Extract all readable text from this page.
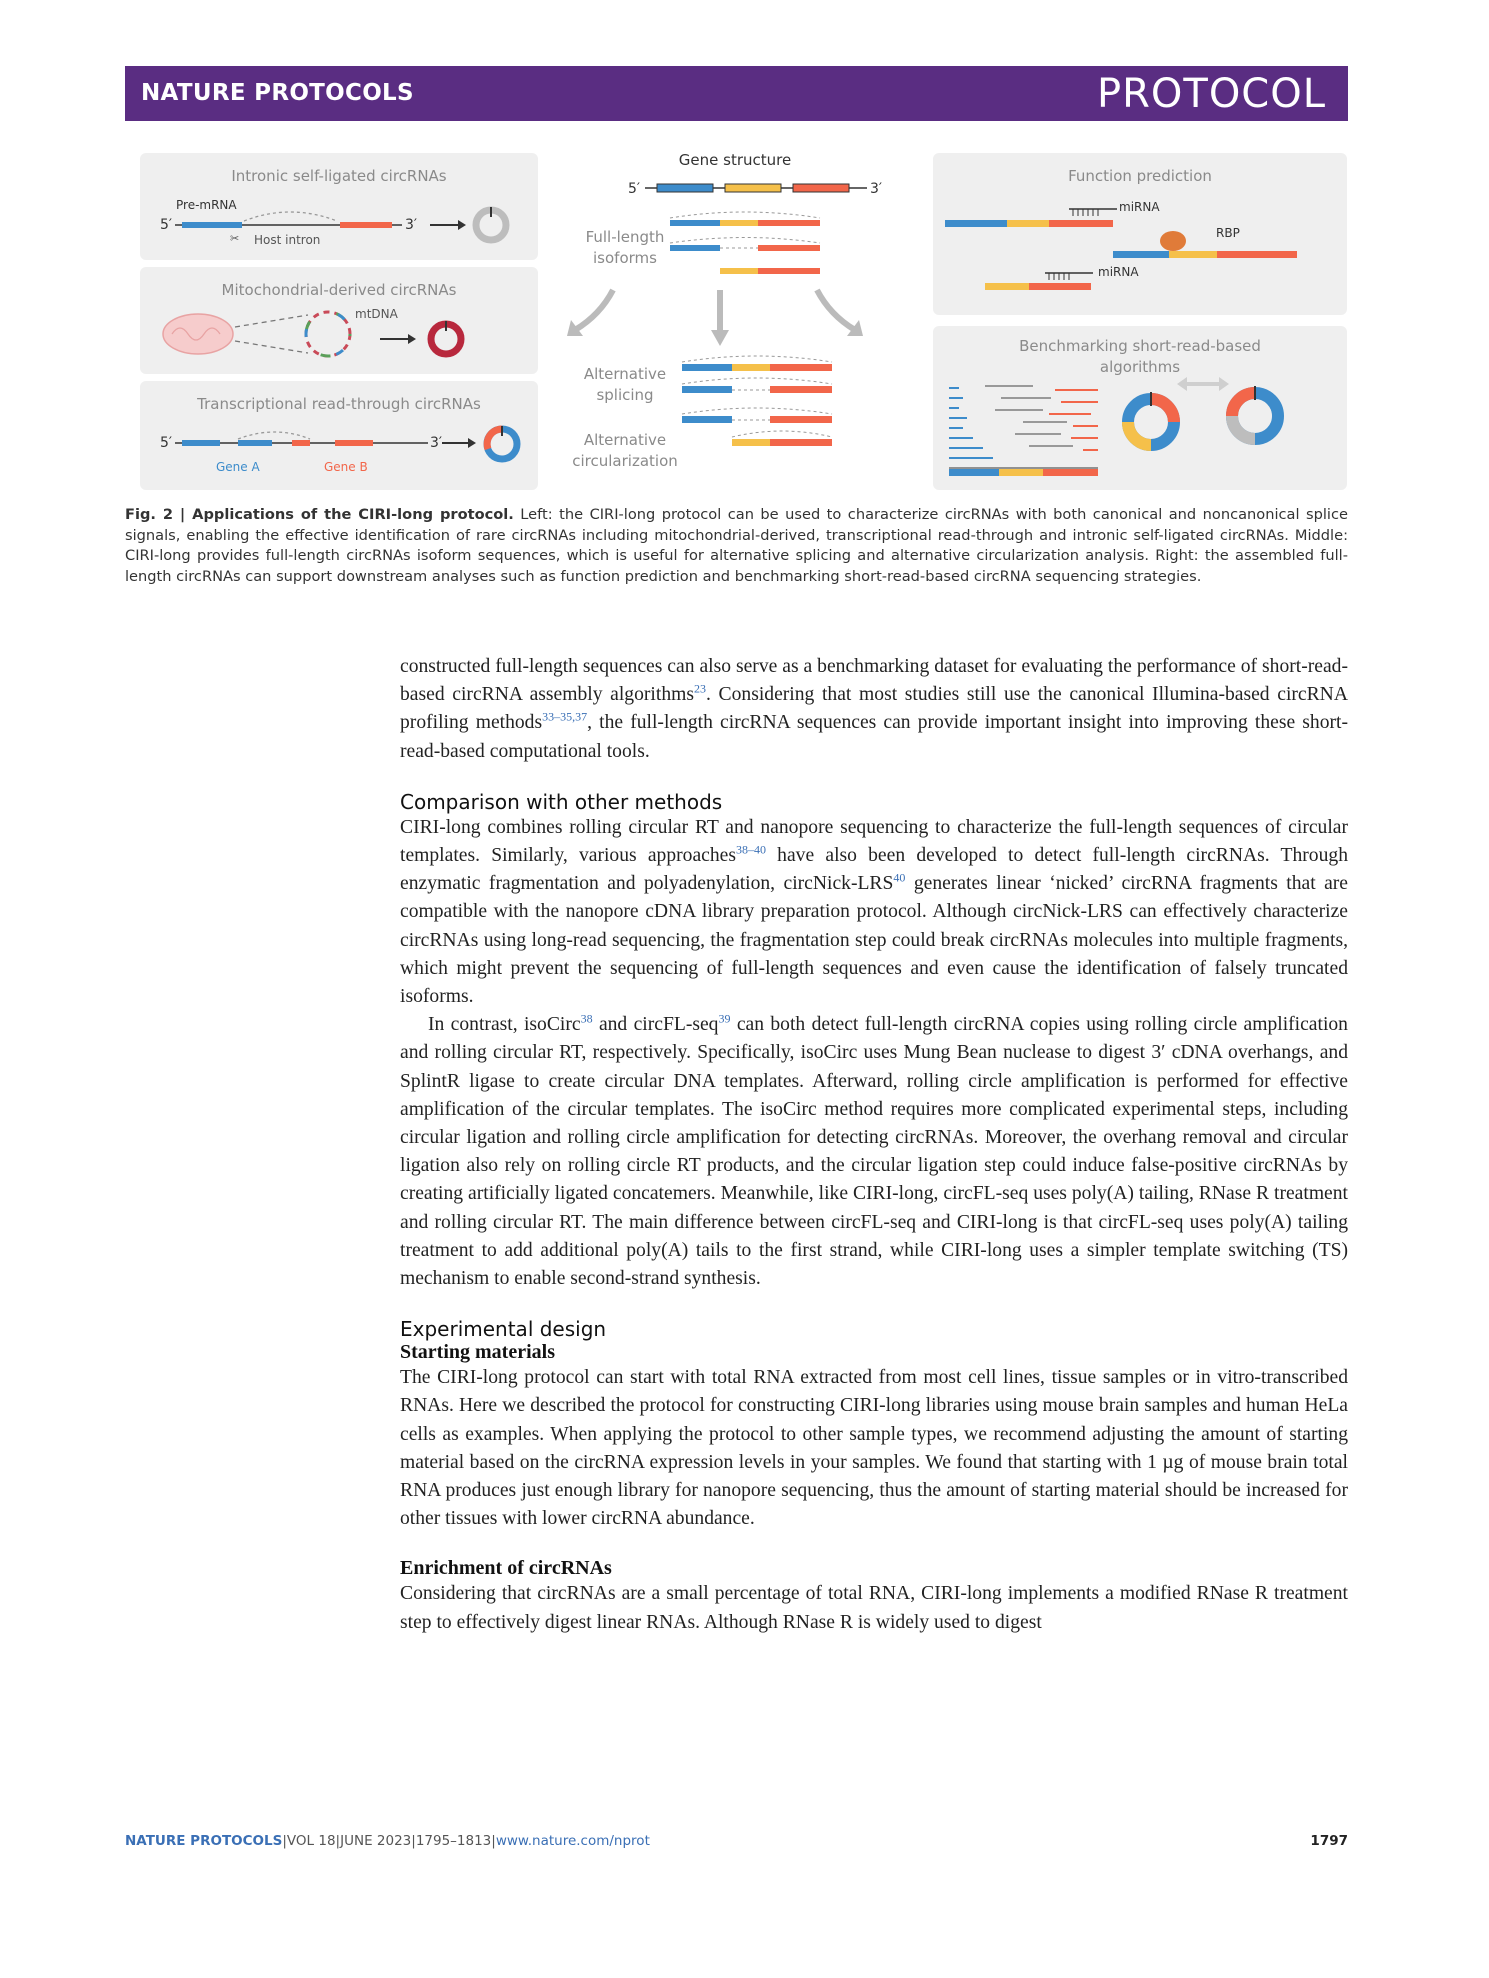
NATURE PROTOCOLS	PROTOCOL
Intronic self-ligated circRNAs
Pre-mRNA
5′	3′
Host intron
✂
Mitochondrial-derived circRNAs
mtDNA
Transcriptional read-through circRNAs
5′	3′
Gene A	Gene B
Gene structure
5′	3′
Full-length
isoforms
Alternative
splicing
Alternative
circularization
Function prediction
miRNA
RBP
miRNA
Benchmarking short-read-based
algorithms
Fig. 2 | Applications of the CIRI-long protocol. Left: the CIRI-long protocol can be used to characterize circRNAs with both canonical and noncanonical splice signals, enabling the effective identification of rare circRNAs including mitochondrial-derived, transcriptional read-through and intronic self-ligated circRNAs. Middle: CIRI-long provides full-length circRNAs isoform sequences, which is useful for alternative splicing and alternative circularization analysis. Right: the assembled full-length circRNAs can support downstream analyses such as function prediction and benchmarking short-read-based circRNA sequencing strategies.

constructed full-length sequences can also serve as a benchmarking dataset for evaluating the performance of short-read-based circRNA assembly algorithms$^{23}$. Considering that most studies still use the canonical Illumina-based circRNA profiling methods$^{33-35,37}$, the full-length circRNA sequences can provide important insight into improving these short-read-based computational tools.

Comparison with other methods

CIRI-long combines rolling circular RT and nanopore sequencing to characterize the full-length sequences of circular templates. Similarly, various approaches$^{38-40}$ have also been developed to detect full-length circRNAs. Through enzymatic fragmentation and polyadenylation, circNick-LRS$^{40}$ generates linear ‘nicked’ circRNA fragments that are compatible with the nanopore cDNA library preparation protocol. Although circNick-LRS can effectively characterize circRNAs using long-read sequencing, the fragmentation step could break circRNAs molecules into multiple fragments, which might prevent the sequencing of full-length sequences and even cause the identification of falsely truncated isoforms.

In contrast, isoCirc$^{38}$ and circFL-seq$^{39}$ can both detect full-length circRNA copies using rolling circle amplification and rolling circular RT, respectively. Specifically, isoCirc uses Mung Bean nuclease to digest 3′ cDNA overhangs, and SplintR ligase to create circular DNA templates. Afterward, rolling circle amplification is performed for effective amplification of the circular templates. The isoCirc method requires more complicated experimental steps, including circular ligation and rolling circle amplification for detecting circRNAs. Moreover, the overhang removal and circular ligation also rely on rolling circle RT products, and the circular ligation step could induce false-positive circRNAs by creating artificially ligated concatemers. Meanwhile, like CIRI-long, circFL-seq uses poly(A) tailing, RNase R treatment and rolling circular RT. The main difference between circFL-seq and CIRI-long is that circFL-seq uses poly(A) tailing treatment to add additional poly(A) tails to the first strand, while CIRI-long uses a simpler template switching (TS) mechanism to enable second-strand synthesis.

Experimental design
Starting materials

The CIRI-long protocol can start with total RNA extracted from most cell lines, tissue samples or in vitro-transcribed RNAs. Here we described the protocol for constructing CIRI-long libraries using mouse brain samples and human HeLa cells as examples. When applying the protocol to other sample types, we recommend adjusting the amount of starting material based on the circRNA expression levels in your samples. We found that starting with 1 µg of mouse brain total RNA produces just enough library for nanopore sequencing, thus the amount of starting material should be increased for other tissues with lower circRNA abundance.

Enrichment of circRNAs

Considering that circRNAs are a small percentage of total RNA, CIRI-long implements a modified RNase R treatment step to effectively digest linear RNAs. Although RNase R is widely used to digest

NATURE PROTOCOLS|VOL 18|JUNE 2023|1795–1813|www.nature.com/nprot	1797
